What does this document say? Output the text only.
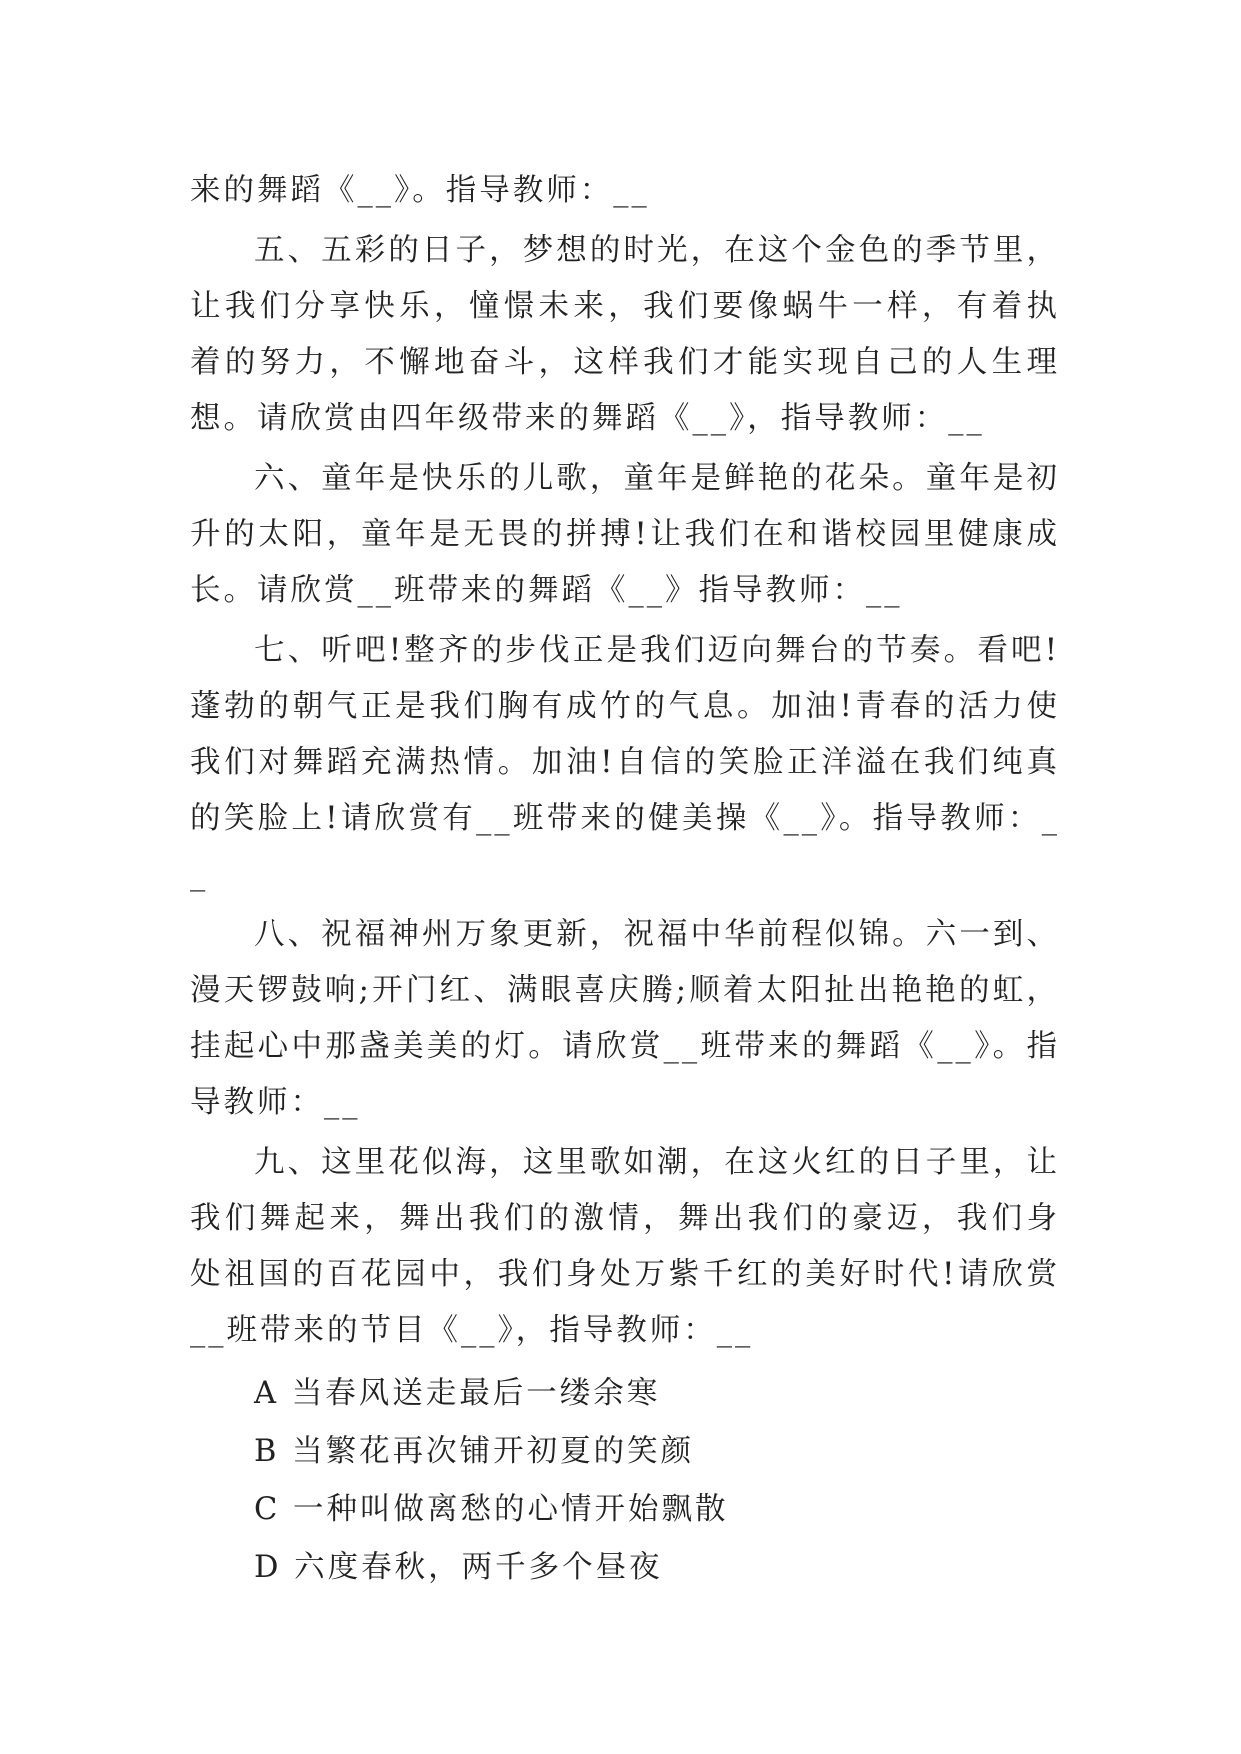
来的舞蹈《__》。指导教师：__

五、五彩的日子，梦想的时光，在这个金色的季节里，让我们分享快乐，憧憬未来，我们要像蜗牛一样，有着执着的努力，不懈地奋斗，这样我们才能实现自己的人生理想。请欣赏由四年级带来的舞蹈《__》，指导教师：__

六、童年是快乐的儿歌，童年是鲜艳的花朵。童年是初升的太阳，童年是无畏的拼搏!让我们在和谐校园里健康成长。请欣赏__班带来的舞蹈《__》指导教师：__

七、听吧!整齐的步伐正是我们迈向舞台的节奏。看吧!蓬勃的朝气正是我们胸有成竹的气息。加油!青春的活力使我们对舞蹈充满热情。加油!自信的笑脸正洋溢在我们纯真的笑脸上!请欣赏有__班带来的健美操《__》。指导教师：__

八、祝福神州万象更新，祝福中华前程似锦。六一到、漫天锣鼓响;开门红、满眼喜庆腾;顺着太阳扯出艳艳的虹，挂起心中那盏美美的灯。请欣赏__班带来的舞蹈《__》。指导教师：__

九、这里花似海，这里歌如潮，在这火红的日子里，让我们舞起来，舞出我们的激情，舞出我们的豪迈，我们身处祖国的百花园中，我们身处万紫千红的美好时代!请欣赏__班带来的节目《__》，指导教师：__

A 当春风送走最后一缕余寒

B 当繁花再次铺开初夏的笑颜

C 一种叫做离愁的心情开始飘散

D 六度春秋，两千多个昼夜
